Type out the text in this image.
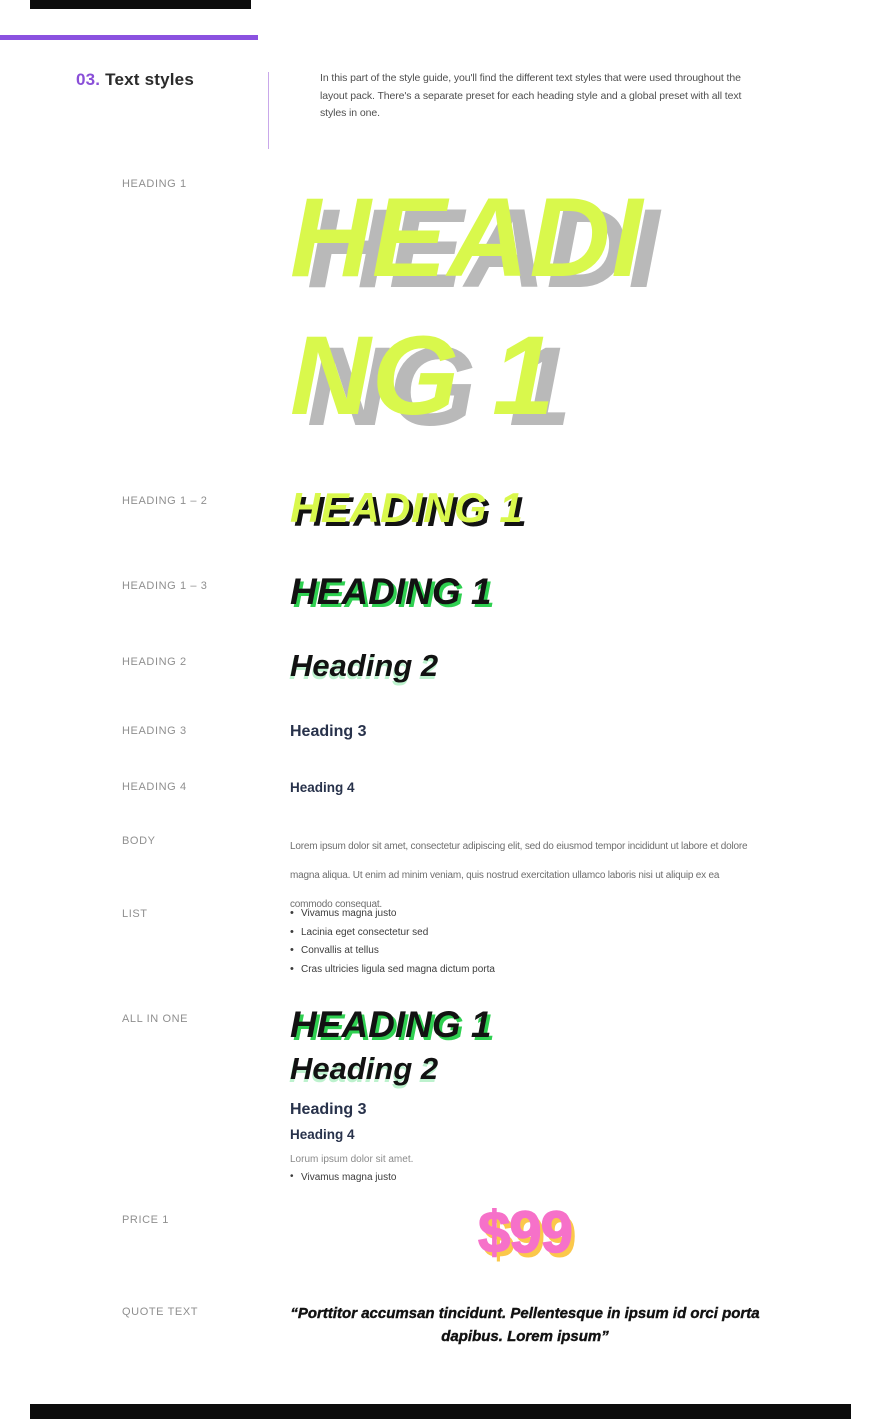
03. Text styles	In this part of the style guide, you'll find the different text styles that were used throughout the layout pack. There's a separate preset for each heading style and a global preset with all text styles in one.
HEADING 1 HEADI
NG 1
HEADING 1 – 2	HEADING 1
HEADING 1 – 3	HEADING 1
HEADING 2	Heading 2
HEADING 3	Heading 3
HEADING 4	Heading 4
BODY	Lorem ipsum dolor sit amet, consectetur adipiscing elit, sed do eiusmod tempor incididunt ut labore et dolore magna aliqua. Ut enim ad minim veniam, quis nostrud exercitation ullamco laboris nisi ut aliquip ex ea commodo consequat.
LIST	• Vivamus magna justo
• Lacinia eget consectetur sed
• Convallis at tellus
• Cras ultricies ligula sed magna dictum porta
ALL IN ONE	HEADING 1
Heading 2
Heading 3
Heading 4
Lorum ipsum dolor sit amet.
• Vivamus magna justo
PRICE 1	$99
QUOTE TEXT	“Porttitor accumsan tincidunt. Pellentesque in ipsum id orci porta dapibus. Lorem ipsum”
